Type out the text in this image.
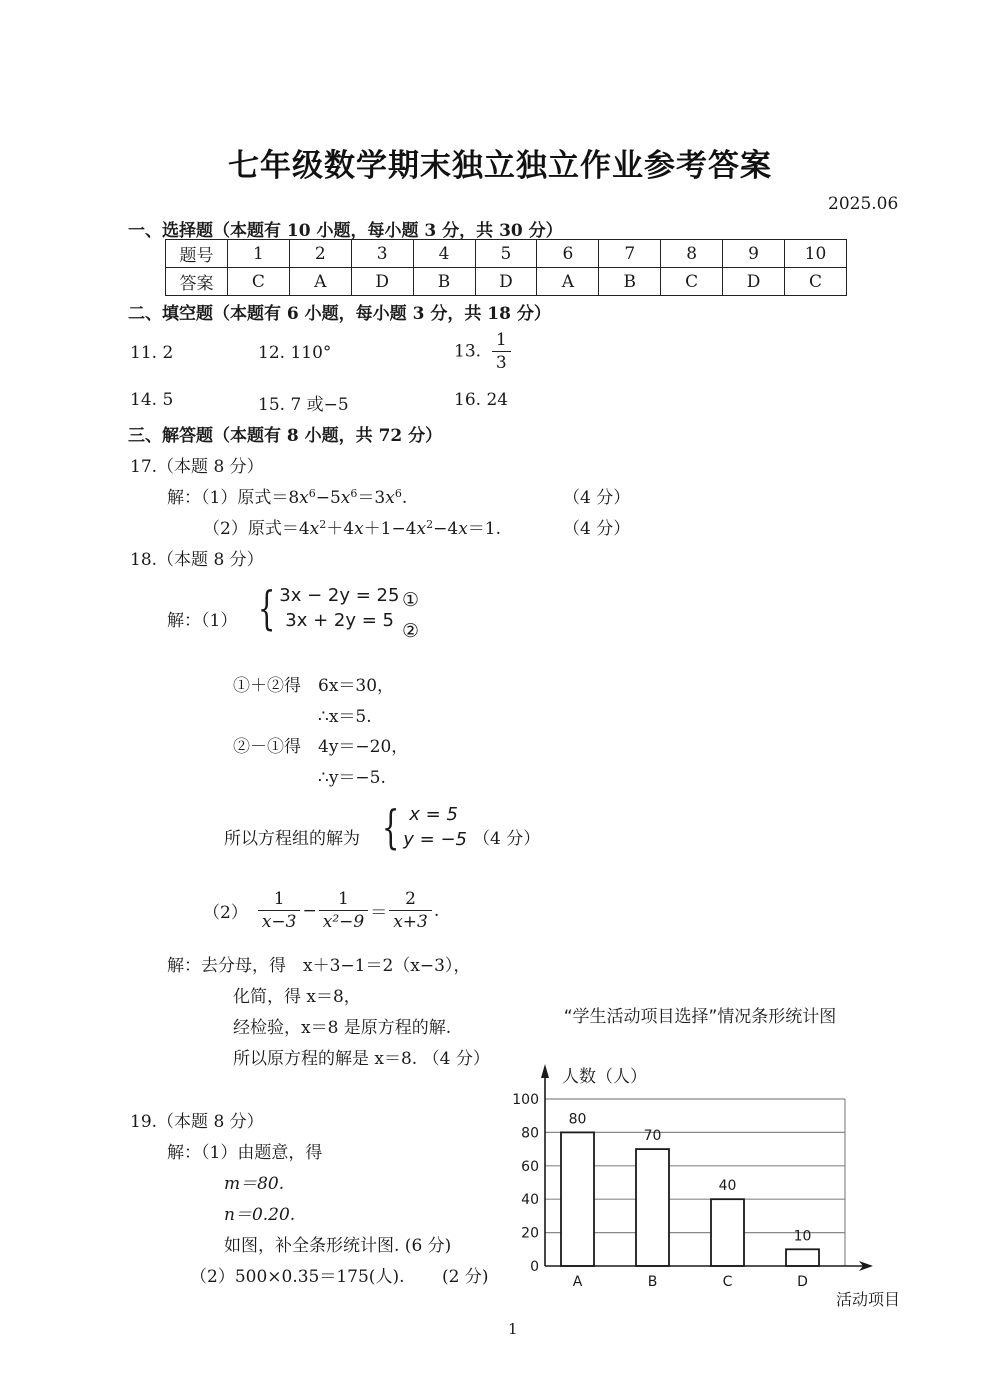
七年级数学期末独立独立作业参考答案
2025.06
一、选择题（本题有 10 小题，每小题 3 分，共 30 分）
题号	1	2	3	4	5	6	7	8	9	10
答案	C	A	D	B	D	A	B	C	D	C
二、填空题（本题有 6 小题，每小题 3 分，共 18 分）
11. 2	12. 110°	13. $\frac{1}{3}$
14. 5	15. 7 或−5	16. 24
三、解答题（本题有 8 小题，共 72 分）
17.（本题 8 分）
解：（1）原式$=8x^6-5x^6=3x^6$.	（4 分）
（2）原式$=4x^2+4x+1-4x^2-4x=1$.	（4 分）
18.（本题 8 分）
解：（1） { 3x − 2y = 25
3x + 2y = 5
①
②
①＋②得 6x＝30，
∴x＝5.
②－①得 4y＝−20，
∴y＝−5.
所以方程组的解为 { x = 5
y = −5 （4 分）
$(2) \frac{1}{x-3} - \frac{1}{\text{x²−9}} = \frac{2}{x+3}$ .
解：去分母，得　x＋3−1＝2（x−3），
化简，得 x＝8，
经检验，x＝8 是原方程的解.
所以原方程的解是 x＝8. （4 分）
19.（本题 8 分）
解：（1）由题意，得
m＝80.
n＝0.20.
如图，补全条形统计图. (6 分)
（2）500×0.35＝175(人). (2 分)
“学生活动项目选择”情况条形统计图
人数（人）
活动项目
0
20
40
60
80
100
80
A
70
B
40
C
10
D
1
